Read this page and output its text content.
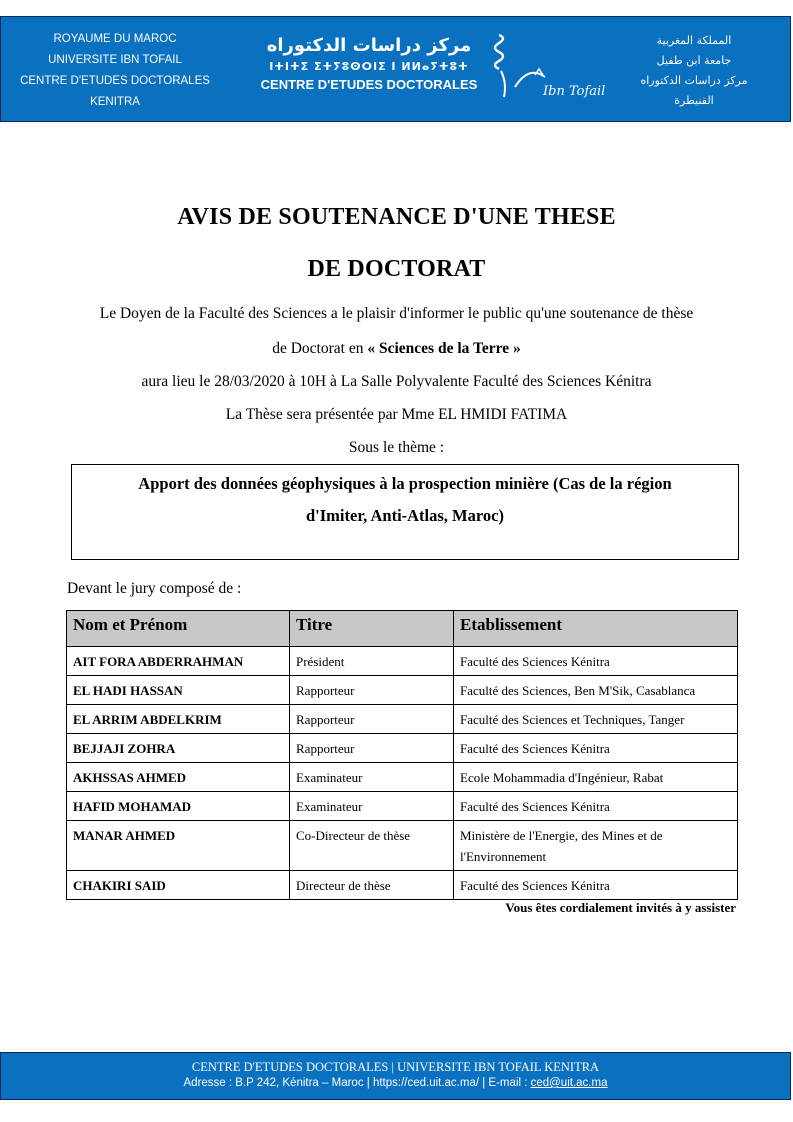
ROYAUME DU MAROC
UNIVERSITE IBN TOFAIL
CENTRE D'ETUDES DOCTORALES
KENITRA
مركز دراسات الدكتوراه
ⵏⵜⵏⵜⵉ ⵉⵜⵢⵓⵙⵔⵏⵉ ⵏ ⵍⵍⴰⵢⵜⵓⵜ
CENTRE D'ETUDES DOCTORALES	Ibn Tofail
المملكة المغربية
جامعة ابن طفيل
مركز دراسات الدكتوراه
القنيطرة
AVIS DE SOUTENANCE D'UNE THESE
DE DOCTORAT
Le Doyen de la Faculté des Sciences a le plaisir d'informer le public qu'une soutenance de thèse
de Doctorat en « Sciences de la Terre »
aura lieu le 28/03/2020 à 10H à La Salle Polyvalente Faculté des Sciences Kénitra
La Thèse sera présentée par Mme EL HMIDI FATIMA
Sous le thème :
Apport des données géophysiques à la prospection minière (Cas de la région
d'Imiter, Anti-Atlas, Maroc)
Devant le jury composé de :
Nom et Prénom	Titre	Etablissement
AIT FORA ABDERRAHMAN	Président	Faculté des Sciences Kénitra
EL HADI HASSAN	Rapporteur	Faculté des Sciences, Ben M'Sik, Casablanca
EL ARRIM ABDELKRIM	Rapporteur	Faculté des Sciences et Techniques, Tanger
BEJJAJI ZOHRA	Rapporteur	Faculté des Sciences Kénitra
AKHSSAS AHMED	Examinateur	Ecole Mohammadia d'Ingénieur, Rabat
HAFID MOHAMAD	Examinateur	Faculté des Sciences Kénitra
MANAR AHMED	Co-Directeur de thèse	Ministère de l'Energie, des Mines et de l'Environnement
CHAKIRI SAID	Directeur de thèse	Faculté des Sciences Kénitra
Vous êtes cordialement invités à y assister
CENTRE D'ETUDES DOCTORALES | UNIVERSITE IBN TOFAIL KENITRA
Adresse : B.P 242, Kénitra – Maroc | https://ced.uit.ac.ma/ | E-mail : ced@uit.ac.ma
